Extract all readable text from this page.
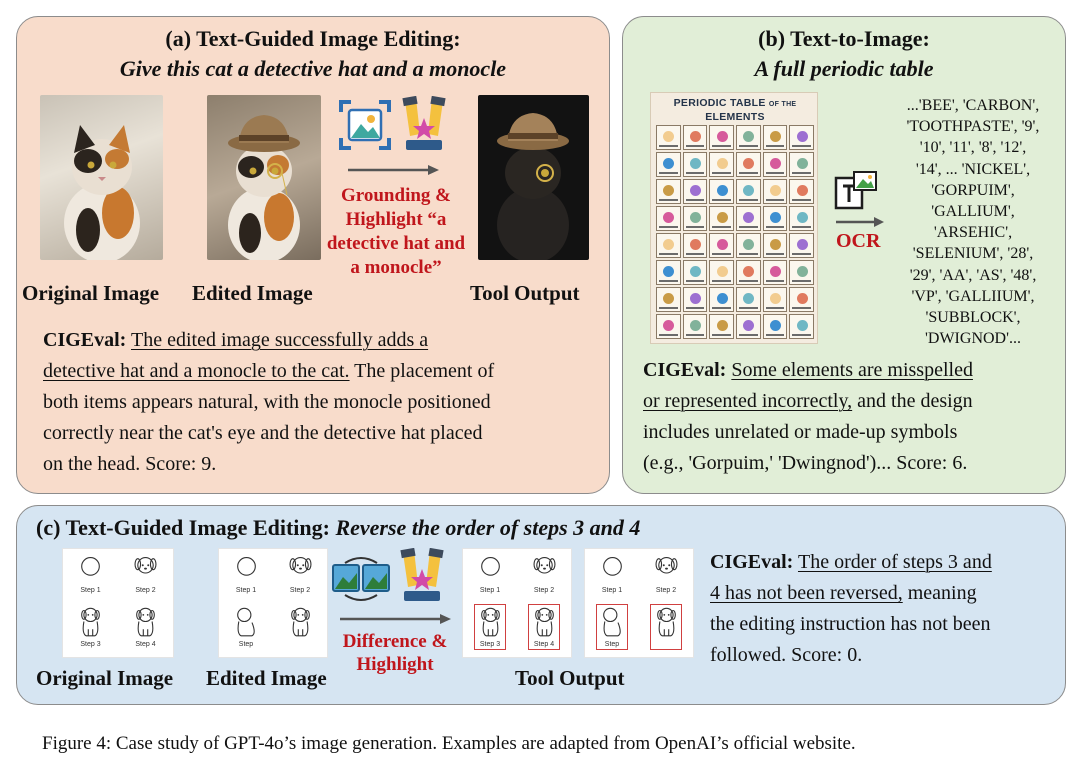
(a) Text-Guided Image Editing:
Give this cat a detective hat and a monocle
Grounding &
Highlight “a
detective hat and
a monocle”
Original Image Edited Image	Tool Output
CIGEval: The edited image successfully adds a
detective hat and a monocle to the cat. The placement of
both items appears natural, with the monocle positioned
correctly near the cat's eye and the detective hat placed
on the head. Score: 9.
(b) Text-to-Image:
A full periodic table
PERIODIC TABLE OF THE
ELEMENTS
OCR
...'BEE', 'CARBON',
'TOOTHPASTE', '9',
'10', '11', '8', '12',
'14', ... 'NICKEL',
'GORPUIM',
'GALLIUM',
'ARSEHIC',
'SELENIUM', '28',
'29', 'AA', 'AS', '48',
'VP', 'GALLIIUM',
'SUBBLOCK',
'DWIGNOD'...
CIGEval: Some elements are misspelled
or represented incorrectly, and the design
includes unrelated or made-up symbols
(e.g., 'Gorpuim,' 'Dwingnod')... Score: 6.
(c) Text-Guided Image Editing: Reverse the order of steps 3 and 4
Step 1	Step 2
Step 3	Step 4
Step 1	Step 2
Step	Difference &
Highlight
Step 1	Step 2
Step 3	Step 4
Step 1	Step 2
Step
Original Image Edited Image	Tool Output
CIGEval: The order of steps 3 and
4 has not been reversed, meaning
the editing instruction has not been
followed. Score: 0.
Figure 4: Case study of GPT-4o’s image generation. Examples are adapted from OpenAI’s official website.
